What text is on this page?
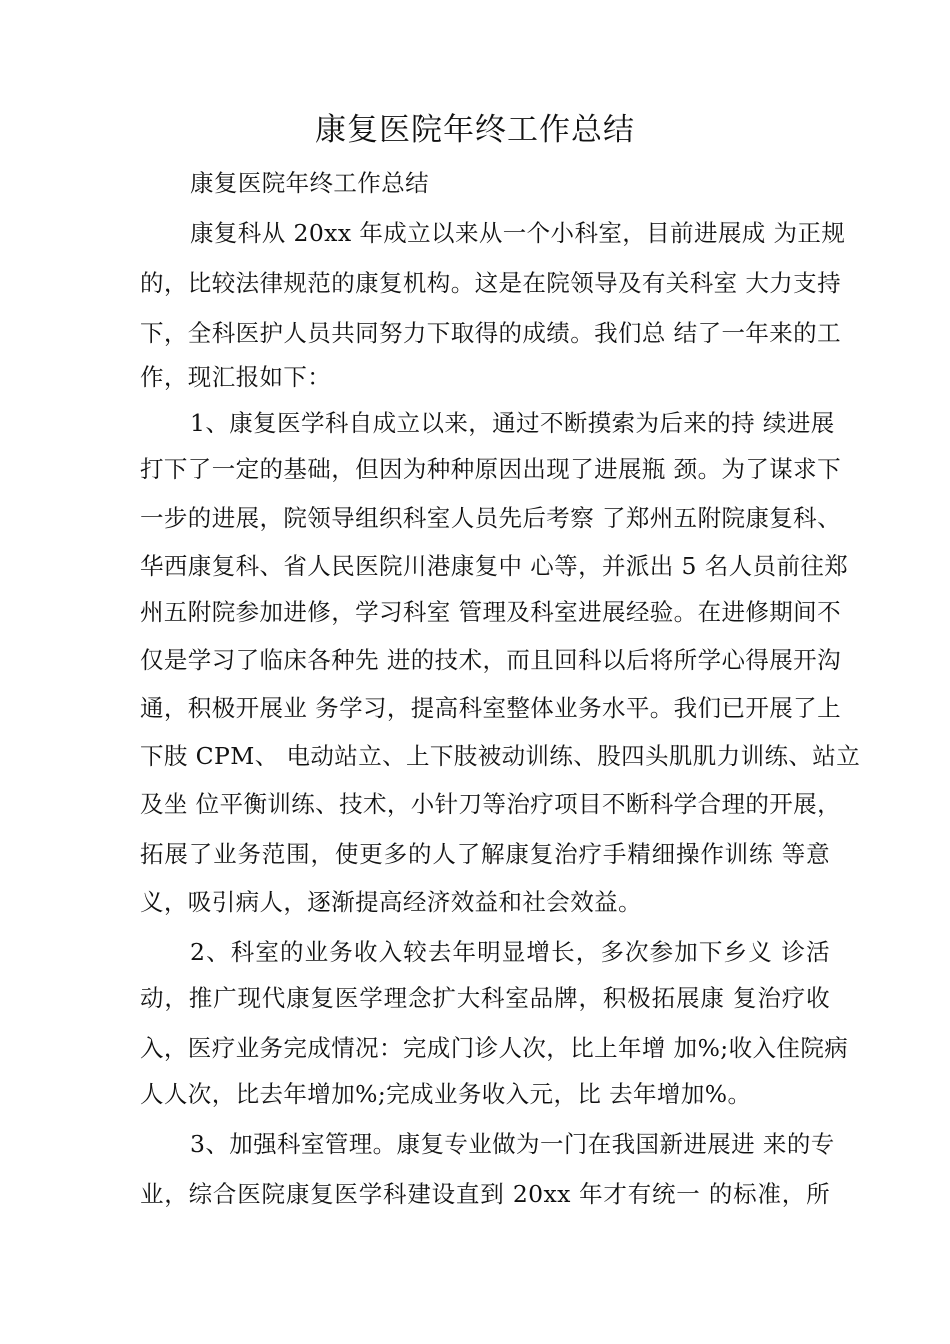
康复医院年终工作总结
康复医院年终工作总结
康复科从 20xx 年成立以来从一个小科室，目前进展成 为正规
的，比较法律规范的康复机构。这是在院领导及有关科室 大力支持
下，全科医护人员共同努力下取得的成绩。我们总 结了一年来的工
作，现汇报如下：
1、康复医学科自成立以来，通过不断摸索为后来的持 续进展
打下了一定的基础，但因为种种原因出现了进展瓶 颈。为了谋求下
一步的进展，院领导组织科室人员先后考察 了郑州五附院康复科、
华西康复科、省人民医院川港康复中 心等，并派出 5 名人员前往郑
州五附院参加进修，学习科室 管理及科室进展经验。在进修期间不
仅是学习了临床各种先 进的技术，而且回科以后将所学心得展开沟
通，积极开展业 务学习，提高科室整体业务水平。我们已开展了上
下肢 CPM、 电动站立、上下肢被动训练、股四头肌肌力训练、站立
及坐 位平衡训练、技术，小针刀等治疗项目不断科学合理的开展，
拓展了业务范围，使更多的人了解康复治疗手精细操作训练 等意
义，吸引病人，逐渐提高经济效益和社会效益。
2、科室的业务收入较去年明显增长，多次参加下乡义 诊活
动，推广现代康复医学理念扩大科室品牌，积极拓展康 复治疗收
入，医疗业务完成情况：完成门诊人次，比上年增 加%;收入住院病
人人次，比去年增加%;完成业务收入元，比 去年增加%。
3、加强科室管理。康复专业做为一门在我国新进展进 来的专
业，综合医院康复医学科建设直到 20xx 年才有统一 的标准，所
